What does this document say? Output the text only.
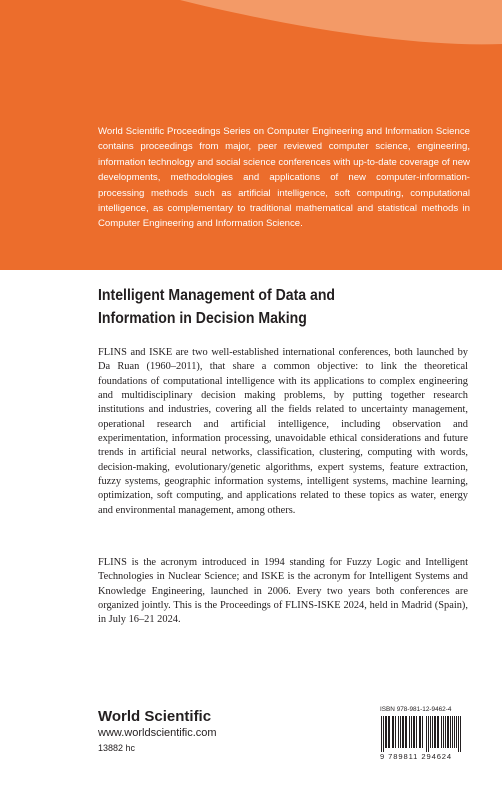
World Scientific Proceedings Series on Computer Engineering and Information Science contains proceedings from major, peer reviewed computer science, engineering, information technology and social science conferences with up-to-date coverage of new developments, methodologies and applications of new computer-information-processing methods such as artificial intelligence, soft computing, computational intelligence, as complementary to traditional mathematical and statistical methods in Computer Engineering and Information Science.
Intelligent Management of Data and
Information in Decision Making
FLINS and ISKE are two well-established international conferences, both launched by Da Ruan (1960–2011), that share a common objective: to link the theoretical foundations of computational intelligence with its applications to complex engineering and multidisciplinary decision making problems, by putting together research institutions and industries, covering all the fields related to uncertainty management, operational research and artificial intelligence, including observation and experimentation, information processing, unavoidable ethical considerations and future trends in artificial neural networks, classification, clustering, computing with words, decision-making, evolutionary/genetic algorithms, expert systems, feature extraction, fuzzy systems, geographic information systems, intelligent systems, machine learning, optimization, soft computing, and applications related to these topics as water, energy and environmental management, among others.
FLINS is the acronym introduced in 1994 standing for Fuzzy Logic and Intelligent Technologies in Nuclear Science; and ISKE is the acronym for Intelligent Systems and Knowledge Engineering, launched in 2006. Every two years both conferences are organized jointly. This is the Proceedings of FLINS-ISKE 2024, held in Madrid (Spain), in July 16–21 2024.
World Scientific
www.worldscientific.com
13882 hc
ISBN 978-981-12-9462-4
9 789811 294624
